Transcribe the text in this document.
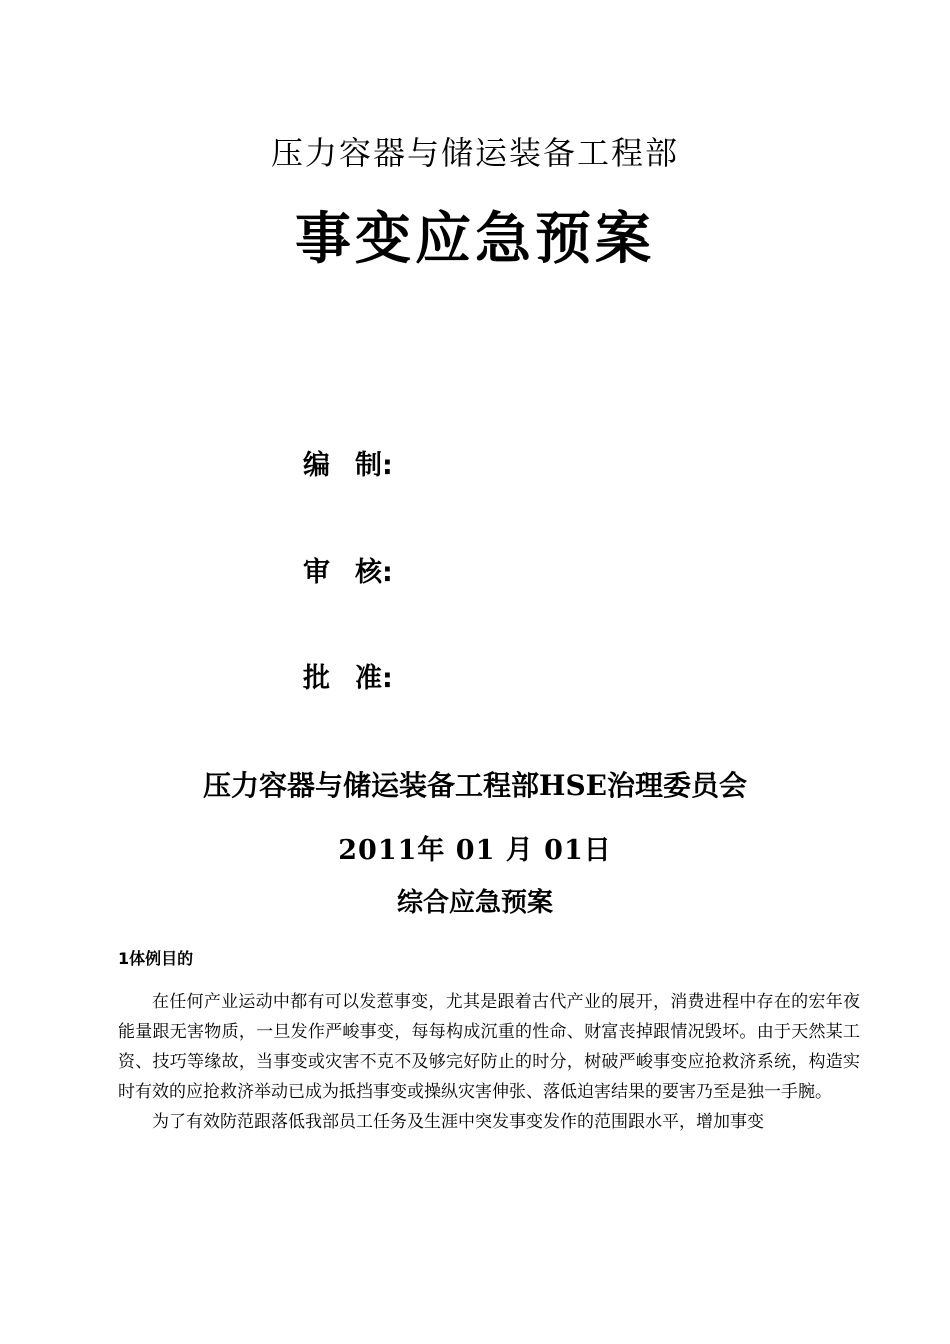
压力容器与储运装备工程部
事变应急预案
编 制:
审 核:
批 准:
压力容器与储运装备工程部HSE治理委员会
2011年 01 月 01日
综合应急预案
1体例目的

在任何产业运动中都有可以发惹事变，尤其是跟着古代产业的展开，消费进程中存在的宏年夜能量跟无害物质，一旦发作严峻事变，每每构成沉重的性命、财富丧掉跟情况毁坏。由于天然某工资、技巧等缘故，当事变或灾害不克不及够完好防止的时分，树破严峻事变应抢救济系统，构造实时有效的应抢救济举动已成为抵挡事变或操纵灾害伸张、落低迫害结果的要害乃至是独一手腕。

为了有效防范跟落低我部员工任务及生涯中突发事变发作的范围跟水平，增加事变
